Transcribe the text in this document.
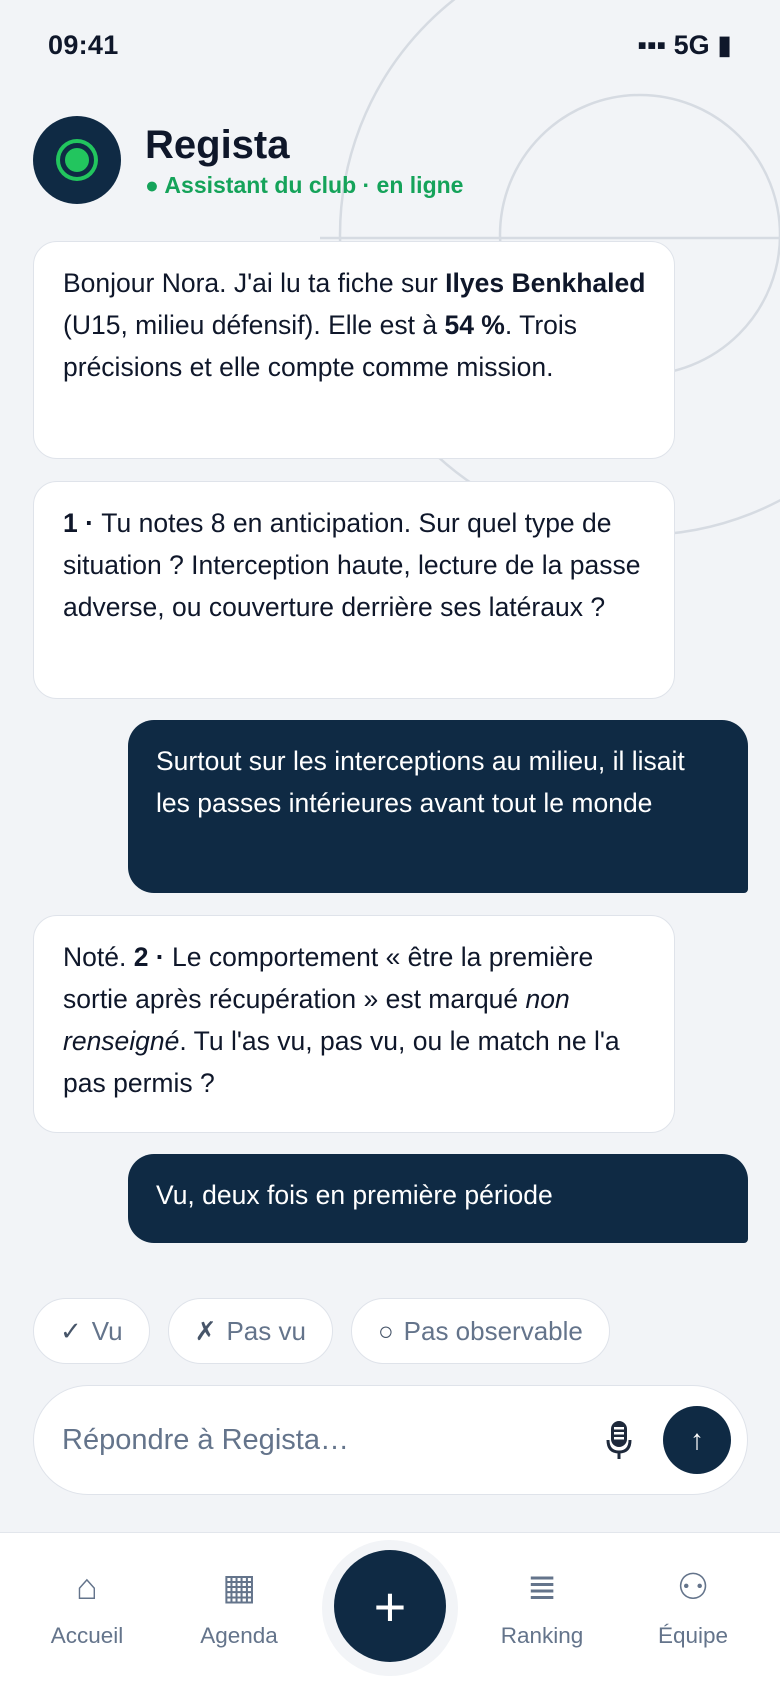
09:41	▪▪▪ 5G ▮
Regista
● Assistant du club · en ligne
Bonjour Nora. J'ai lu ta fiche sur Ilyes Benkhaled (U15, milieu défensif). Elle est à 54 %. Trois précisions et elle compte comme mission.
1 · Tu notes 8 en anticipation. Sur quel type de situation ? Interception haute, lecture de la passe adverse, ou couverture derrière ses latéraux ?
Surtout sur les interceptions au milieu, il lisait les passes intérieures avant tout le monde
Noté. 2 · Le comportement « être la première sortie après récupération » est marqué non renseigné. Tu l'as vu, pas vu, ou le match ne l'a pas permis ?
Vu, deux fois en première période
✓ Vu	✗ Pas vu	○ Pas observable
Répondre à Regista…
↑
⌂
Accueil
▦
Agenda
≣
Ranking
⚇
Équipe
+
